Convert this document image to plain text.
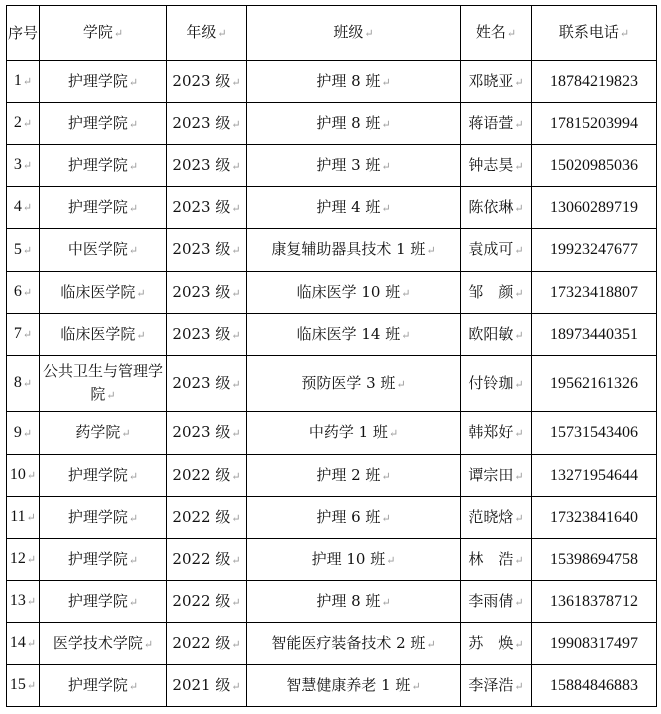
序号	学院↵	年级↵	班级↵	姓名↵	联系电话↵
1↵	护理学院↵	2023 级↵	护理 8 班↵	邓晓亚↵	18784219823
2↵	护理学院↵	2023 级↵	护理 8 班↵	蒋语萱↵	17815203994
3↵	护理学院↵	2023 级↵	护理 3 班↵	钟志昊↵	15020985036
4↵	护理学院↵	2023 级↵	护理 4 班↵	陈依琳↵	13060289719
5↵	中医学院↵	2023 级↵	康复辅助器具技术 1 班↵	袁成可↵	19923247677
6↵	临床医学院↵	2023 级↵	临床医学 10 班↵	邹　颜↵	17323418807
7↵	临床医学院↵	2023 级↵	临床医学 14 班↵	欧阳敏↵	18973440351
8↵	公共卫生与管理学院↵	2023 级↵	预防医学 3 班↵	付铃珈↵	19562161326
9↵	药学院↵	2023 级↵	中药学 1 班↵	韩郑好↵	15731543406
10↵	护理学院↵	2022 级↵	护理 2 班↵	谭宗田↵	13271954644
11↵	护理学院↵	2022 级↵	护理 6 班↵	范晓焓↵	17323841640
12↵	护理学院↵	2022 级↵	护理 10 班↵	林　浩↵	15398694758
13↵	护理学院↵	2022 级↵	护理 8 班↵	李雨倩↵	13618378712
14↵	医学技术学院↵	2022 级↵	智能医疗装备技术 2 班↵	苏　焕↵	19908317497
15↵	护理学院↵	2021 级↵	智慧健康养老 1 班↵	李泽浩↵	15884846883
